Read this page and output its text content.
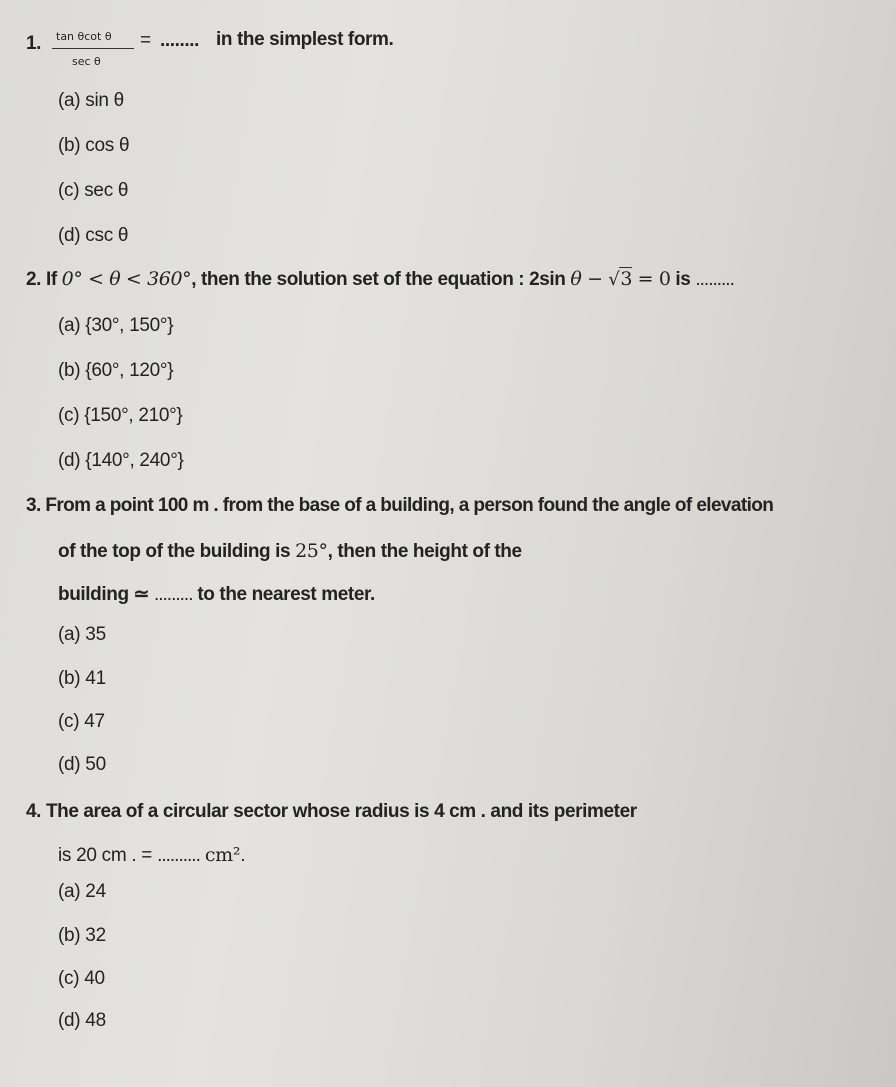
1. tan θcot θ
sec θ
= ........ in the simplest form.
(a) sin θ
(b) cos θ
(c) sec θ
(d) csc θ
2. If 0° < θ < 360°, then the solution set of the equation : 2sin θ − √3 = 0 is .........
(a) {30°, 150°}
(b) {60°, 120°}
(c) {150°, 210°}
(d) {140°, 240°}
3. From a point 100 m . from the base of a building, a person found the angle of elevation
of the top of the building is 25°, then the height of the
building ≃ ......... to the nearest meter.
(a) 35
(b) 41
(c) 47
(d) 50
4. The area of a circular sector whose radius is 4 cm . and its perimeter
is 20 cm . = .......... cm².
(a) 24
(b) 32
(c) 40
(d) 48
